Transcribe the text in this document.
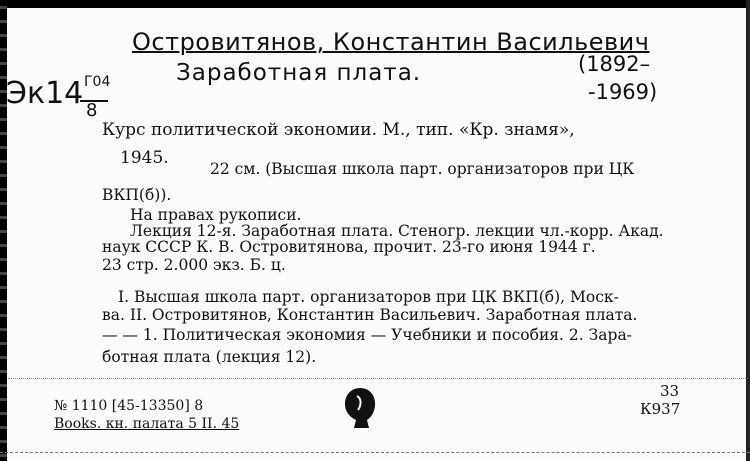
Островитянов, Константин Васильевич
Заработная плата.	(1892–
-1969)
Эк14 Г04
8
Курс политической экономии. М., тип. «Кр. знамя»,
1945.
22 см. (Высшая школа парт. организаторов при ЦК
ВКП(б)).
На правах рукописи.
Лекция 12-я. Заработная плата. Стеногр. лекции чл.-корр. Акад.
наук СССР К. В. Островитянова, прочит. 23-го июня 1944 г.
23 стр. 2.000 экз. Б. ц.
I. Высшая школа парт. организаторов при ЦК ВКП(б), Моск-
ва. II. Островитянов, Константин Васильевич. Заработная плата.
— — 1. Политическая экономия — Учебники и пособия. 2. Зара-
ботная плата (лекция 12).
33
К937
№ 1110 [45-13350] 8
Books. кн. палата 5 II. 45
